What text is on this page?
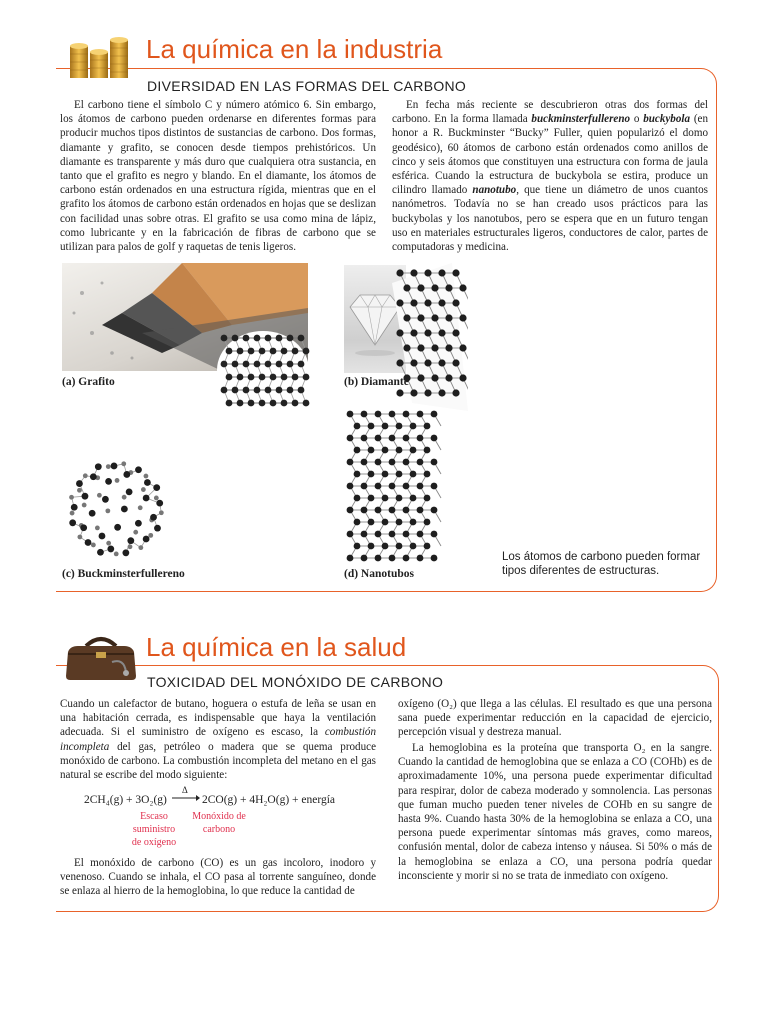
La química en la industria
DIVERSIDAD EN LAS FORMAS DEL CARBONO

El carbono tiene el símbolo C y número atómico 6. Sin embargo, los átomos de carbono pueden ordenarse en diferentes formas para producir muchos tipos distintos de sustancias de carbono. Dos formas, diamante y grafito, se conocen desde tiempos prehistóricos. Un diamante es transparente y más duro que cualquiera otra sustancia, en tanto que el grafito es negro y blando. En el diamante, los átomos de carbono están ordenados en una estructura rígida, mientras que en el grafito los átomos de carbono están ordenados en hojas que se deslizan con facilidad unas sobre otras. El grafito se usa como mina de lápiz, como lubricante y en la fabricación de fibras de carbono que se utilizan para palos de golf y raquetas de tenis ligeros.

En fecha más reciente se descubrieron otras dos formas del carbono. En la forma llamada buckminsterfullereno o buckybola (en honor a R. Buckminster “Bucky” Fuller, quien popularizó el domo geodésico), 60 átomos de carbono están ordenados como anillos de cinco y seis átomos que constituyen una estructura con forma de jaula esférica. Cuando la estructura de buckybola se estira, produce un cilindro llamado nanotubo, que tiene un diámetro de unos cuantos nanómetros. Todavía no se han creado usos prácticos para las buckybolas y los nanotubos, pero se espera que en un futuro tengan uso en materiales estructurales ligeros, conductores de calor, partes de computadoras y medicina.

(a) Grafito	(b) Diamante
(c) Buckminsterfullereno	(d) Nanotubos
Los átomos de carbono pueden formar tipos diferentes de estructuras.
La química en la salud
TOXICIDAD DEL MONÓXIDO DE CARBONO

Cuando un calefactor de butano, hoguera o estufa de leña se usan en una habitación cerrada, es indispensable que haya la ventilación adecuada. Si el suministro de oxígeno es escaso, la combustión incompleta del gas, petróleo o madera que se quema produce monóxido de carbono. La combustión incompleta del metano en el gas natural se escribe del modo siguiente:

2CH₄(g) + 3O₂(g) →
Δ
2CO(g) + 4H₂O(g) + energía
Escaso suministro de oxígeno
Monóxido de carbono

El monóxido de carbono (CO) es un gas incoloro, inodoro y venenoso. Cuando se inhala, el CO pasa al torrente sanguíneo, donde se enlaza al hierro de la hemoglobina, lo que reduce la cantidad de

oxígeno (O₂) que llega a las células. El resultado es que una persona sana puede experimentar reducción en la capacidad de ejercicio, percepción visual y destreza manual.

La hemoglobina es la proteína que transporta O₂ en la sangre. Cuando la cantidad de hemoglobina que se enlaza a CO (COHb) es de aproximadamente 10%, una persona puede experimentar dificultad para respirar, dolor de cabeza moderado y somnolencia. Las personas que fuman mucho pueden tener niveles de COHb en su sangre de hasta 9%. Cuando hasta 30% de la hemoglobina se enlaza a CO, una persona puede experimentar síntomas más graves, como mareos, confusión mental, dolor de cabeza intenso y náusea. Si 50% o más de la hemoglobina se enlaza a CO, una persona podría quedar inconsciente y morir si no se trata de inmediato con oxígeno.
